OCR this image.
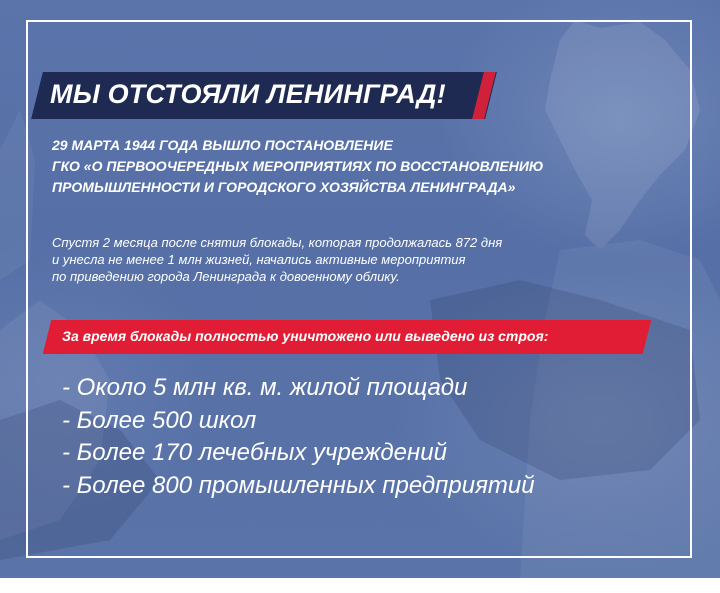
МЫ ОТСТОЯЛИ ЛЕНИНГРАД!
29 МАРТА 1944 ГОДА ВЫШЛО ПОСТАНОВЛЕНИЕ
ГКО «О ПЕРВООЧЕРЕДНЫХ МЕРОПРИЯТИЯХ ПО ВОССТАНОВЛЕНИЮ
ПРОМЫШЛЕННОСТИ И ГОРОДСКОГО ХОЗЯЙСТВА ЛЕНИНГРАДА»
Спустя 2 месяца после снятия блокады, которая продолжалась 872 дня
и унесла не менее 1 млн жизней, начались активные мероприятия
по приведению города Ленинграда к довоенному облику.
За время блокады полностью уничтожено или выведено из строя:
- Около 5 млн кв. м. жилой площади
- Более 500 школ
- Более 170 лечебных учреждений
- Более 800 промышленных предприятий
